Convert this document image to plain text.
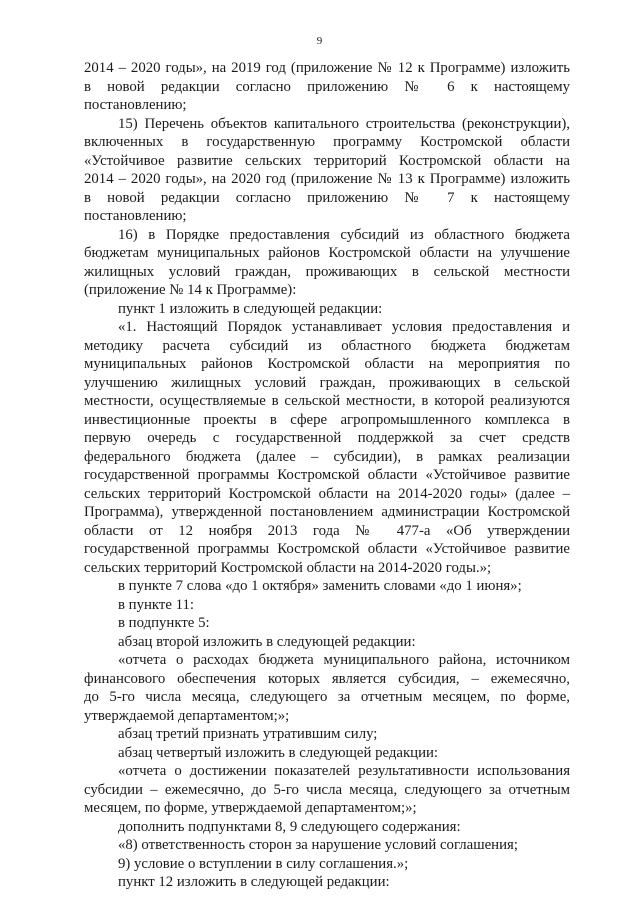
9
2014 – 2020 годы», на 2019 год (приложение № 12 к Программе) изложить
в новой редакции согласно приложению № 6 к настоящему
постановлению;
15) Перечень объектов капитального строительства (реконструкции),
включенных в государственную программу Костромской области
«Устойчивое развитие сельских территорий Костромской области на
2014 – 2020 годы», на 2020 год (приложение № 13 к Программе) изложить
в новой редакции согласно приложению № 7 к настоящему
постановлению;
16) в Порядке предоставления субсидий из областного бюджета
бюджетам муниципальных районов Костромской области на улучшение
жилищных условий граждан, проживающих в сельской местности
(приложение № 14 к Программе):
пункт 1 изложить в следующей редакции:
«1. Настоящий Порядок устанавливает условия предоставления и
методику расчета субсидий из областного бюджета бюджетам
муниципальных районов Костромской области на мероприятия по
улучшению жилищных условий граждан, проживающих в сельской
местности, осуществляемые в сельской местности, в которой реализуются
инвестиционные проекты в сфере агропромышленного комплекса в
первую очередь с государственной поддержкой за счет средств
федерального бюджета (далее – субсидии), в рамках реализации
государственной программы Костромской области «Устойчивое развитие
сельских территорий Костромской области на 2014-2020 годы» (далее –
Программа), утвержденной постановлением администрации Костромской
области от 12 ноября 2013 года № 477-а «Об утверждении
государственной программы Костромской области «Устойчивое развитие
сельских территорий Костромской области на 2014-2020 годы.»;
в пункте 7 слова «до 1 октября» заменить словами «до 1 июня»;
в пункте 11:
в подпункте 5:
абзац второй изложить в следующей редакции:
«отчета о расходах бюджета муниципального района, источником
финансового обеспечения которых является субсидия, – ежемесячно,
до 5-го числа месяца, следующего за отчетным месяцем, по форме,
утверждаемой департаментом;»;
абзац третий признать утратившим силу;
абзац четвертый изложить в следующей редакции:
«отчета о достижении показателей результативности использования
субсидии – ежемесячно, до 5-го числа месяца, следующего за отчетным
месяцем, по форме, утверждаемой департаментом;»;
дополнить подпунктами 8, 9 следующего содержания:
«8) ответственность сторон за нарушение условий соглашения;
9) условие о вступлении в силу соглашения.»;
пункт 12 изложить в следующей редакции:
